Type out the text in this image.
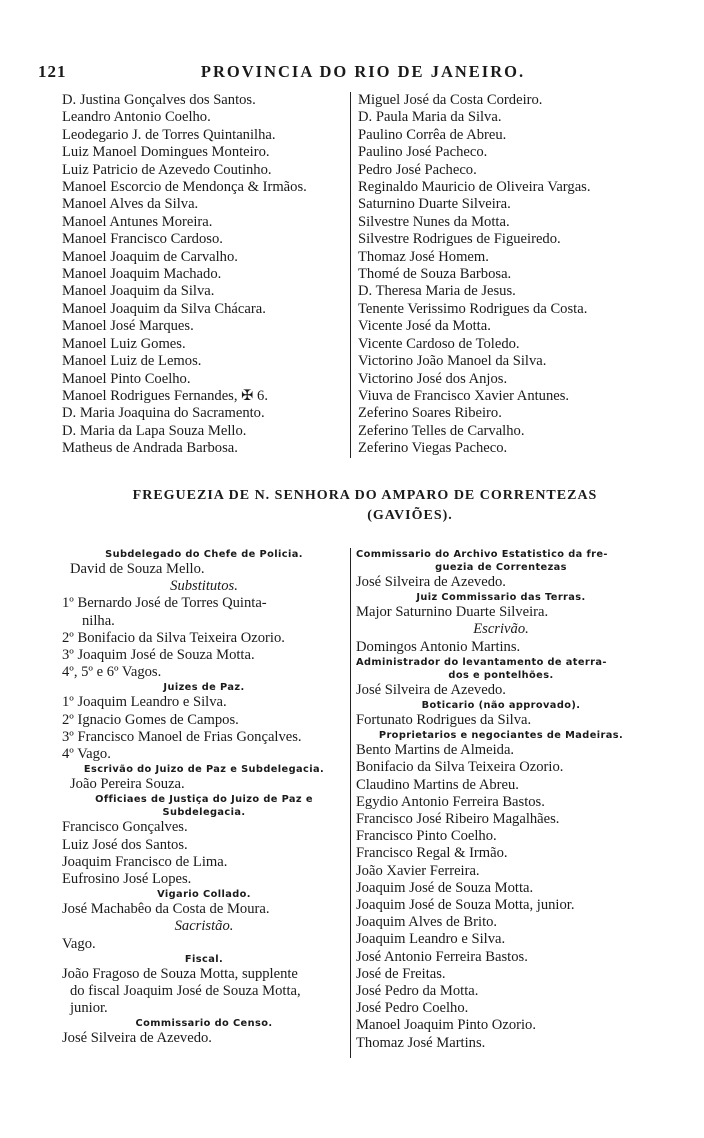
121	PROVINCIA DO RIO DE JANEIRO.
D. Justina Gonçalves dos Santos.
Leandro Antonio Coelho.
Leodegario J. de Torres Quintanilha.
Luiz Manoel Domingues Monteiro.
Luiz Patricio de Azevedo Coutinho.
Manoel Escorcio de Mendonça & Irmãos.
Manoel Alves da Silva.
Manoel Antunes Moreira.
Manoel Francisco Cardoso.
Manoel Joaquim de Carvalho.
Manoel Joaquim Machado.
Manoel Joaquim da Silva.
Manoel Joaquim da Silva Chácara.
Manoel José Marques.
Manoel Luiz Gomes.
Manoel Luiz de Lemos.
Manoel Pinto Coelho.
Manoel Rodrigues Fernandes, ✠ 6.
D. Maria Joaquina do Sacramento.
D. Maria da Lapa Souza Mello.
Matheus de Andrada Barbosa.
Miguel José da Costa Cordeiro.
D. Paula Maria da Silva.
Paulino Corrêa de Abreu.
Paulino José Pacheco.
Pedro José Pacheco.
Reginaldo Mauricio de Oliveira Vargas.
Saturnino Duarte Silveira.
Silvestre Nunes da Motta.
Silvestre Rodrigues de Figueiredo.
Thomaz José Homem.
Thomé de Souza Barbosa.
D. Theresa Maria de Jesus.
Tenente Verissimo Rodrigues da Costa.
Vicente José da Motta.
Vicente Cardoso de Toledo.
Victorino João Manoel da Silva.
Victorino José dos Anjos.
Viuva de Francisco Xavier Antunes.
Zeferino Soares Ribeiro.
Zeferino Telles de Carvalho.
Zeferino Viegas Pacheco.
FREGUEZIA DE N. SENHORA DO AMPARO DE CORRENTEZAS
(GAVIÕES).
Subdelegado do Chefe de Policia.
David de Souza Mello.
Substitutos.
1º Bernardo José de Torres Quinta-
nilha.
2º Bonifacio da Silva Teixeira Ozorio.
3º Joaquim José de Souza Motta.
4º, 5º e 6º Vagos.
Juizes de Paz.
1º Joaquim Leandro e Silva.
2º Ignacio Gomes de Campos.
3º Francisco Manoel de Frias Gonçalves.
4º Vago.
Escrivão do Juizo de Paz e Subdelegacia.
João Pereira Souza.
Officiaes de Justiça do Juizo de Paz e
Subdelegacia.
Francisco Gonçalves.
Luiz José dos Santos.
Joaquim Francisco de Lima.
Eufrosino José Lopes.
Vigario Collado.
José Machabêo da Costa de Moura.
Sacristão.
Vago.
Fiscal.
João Fragoso de Souza Motta, supplente
do fiscal Joaquim José de Souza Motta,
junior.
Commissario do Censo.
José Silveira de Azevedo.
Commissario do Archivo Estatistico da fre-
guezia de Correntezas
José Silveira de Azevedo.
Juiz Commissario das Terras.
Major Saturnino Duarte Silveira.
Escrivão.
Domingos Antonio Martins.
Administrador do levantamento de aterra-
dos e pontelhões.
José Silveira de Azevedo.
Boticario (não approvado).
Fortunato Rodrigues da Silva.
Proprietarios e negociantes de Madeiras.
Bento Martins de Almeida.
Bonifacio da Silva Teixeira Ozorio.
Claudino Martins de Abreu.
Egydio Antonio Ferreira Bastos.
Francisco José Ribeiro Magalhães.
Francisco Pinto Coelho.
Francisco Regal & Irmão.
João Xavier Ferreira.
Joaquim José de Souza Motta.
Joaquim José de Souza Motta, junior.
Joaquim Alves de Brito.
Joaquim Leandro e Silva.
José Antonio Ferreira Bastos.
José de Freitas.
José Pedro da Motta.
José Pedro Coelho.
Manoel Joaquim Pinto Ozorio.
Thomaz José Martins.
